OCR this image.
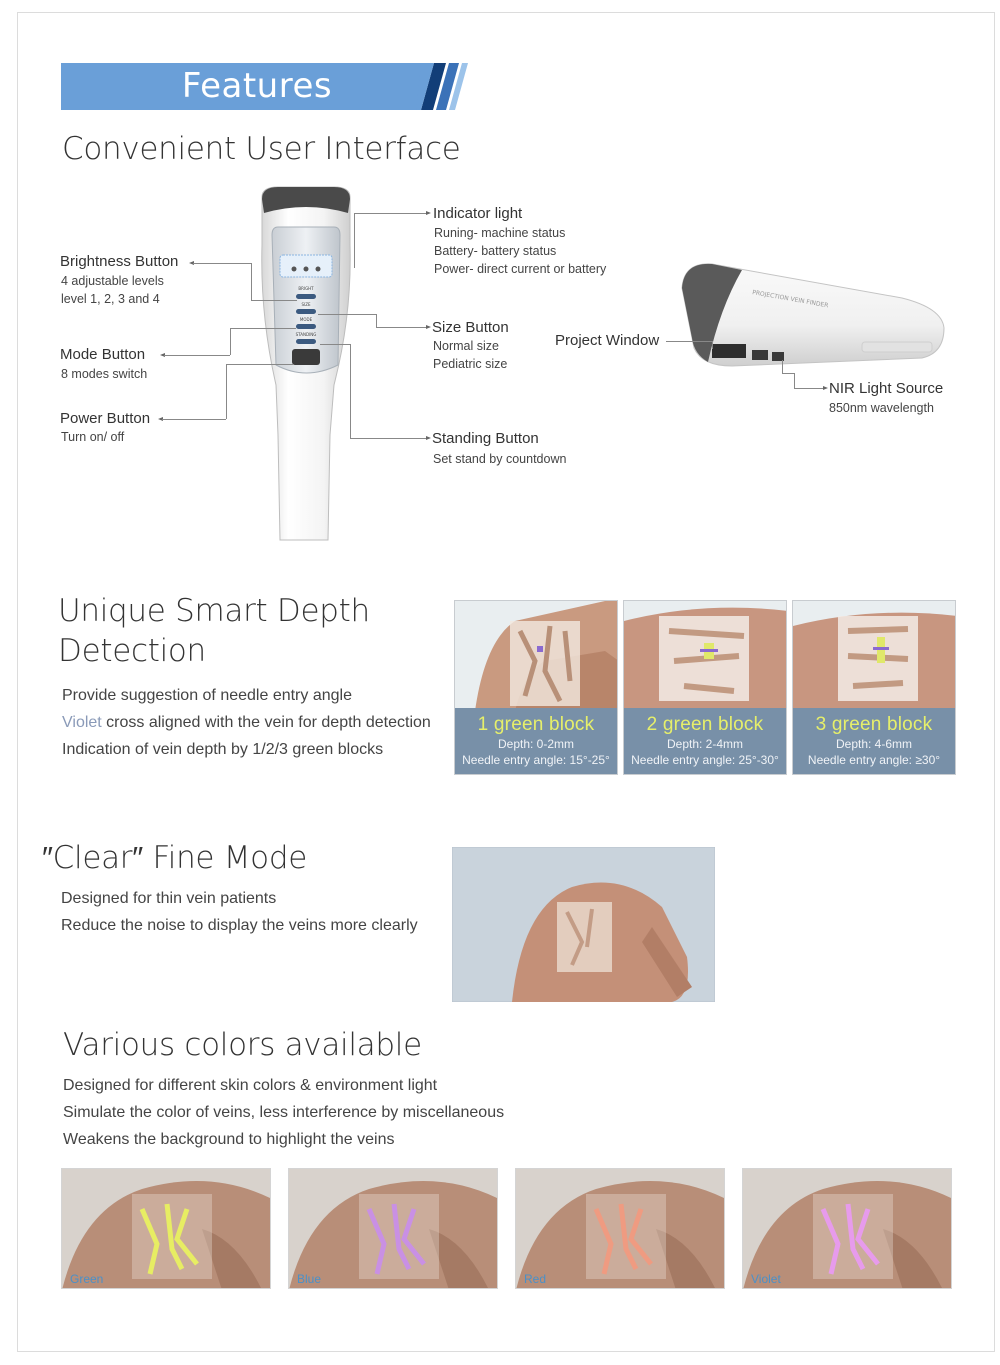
Features
Convenient User Interface
BRIGHT
SIZE
MODE
STANDING
Brightness Button
4 adjustable levels
level 1, 2, 3 and 4
Mode Button
8 modes switch
Power Button
Turn on/ off
Indicator light
Runing- machine status
Battery- battery status
Power- direct current or battery
Size Button
Normal size
Pediatric size
Standing Button
Set stand by countdown
PROJECTION VEIN FINDER
Project Window
NIR Light Source
850nm wavelength
Unique Smart Depth
Detection
Provide suggestion of needle entry angle
Violet cross aligned with the vein for depth detection
Indication of vein depth by 1/2/3 green blocks
1 green block
Depth: 0-2mm
Needle entry angle: 15°-25°
2 green block
Depth: 2-4mm
Needle entry angle: 25°-30°
3 green block
Depth: 4-6mm
Needle entry angle: ≥30°
″Clear″ Fine Mode
Designed for thin vein patients
Reduce the noise to display the veins more clearly
Various colors available
Designed for different skin colors & environment light
Simulate the color of veins, less interference by miscellaneous
Weakens the background to highlight the veins
Green	Blue	Red	Violet
